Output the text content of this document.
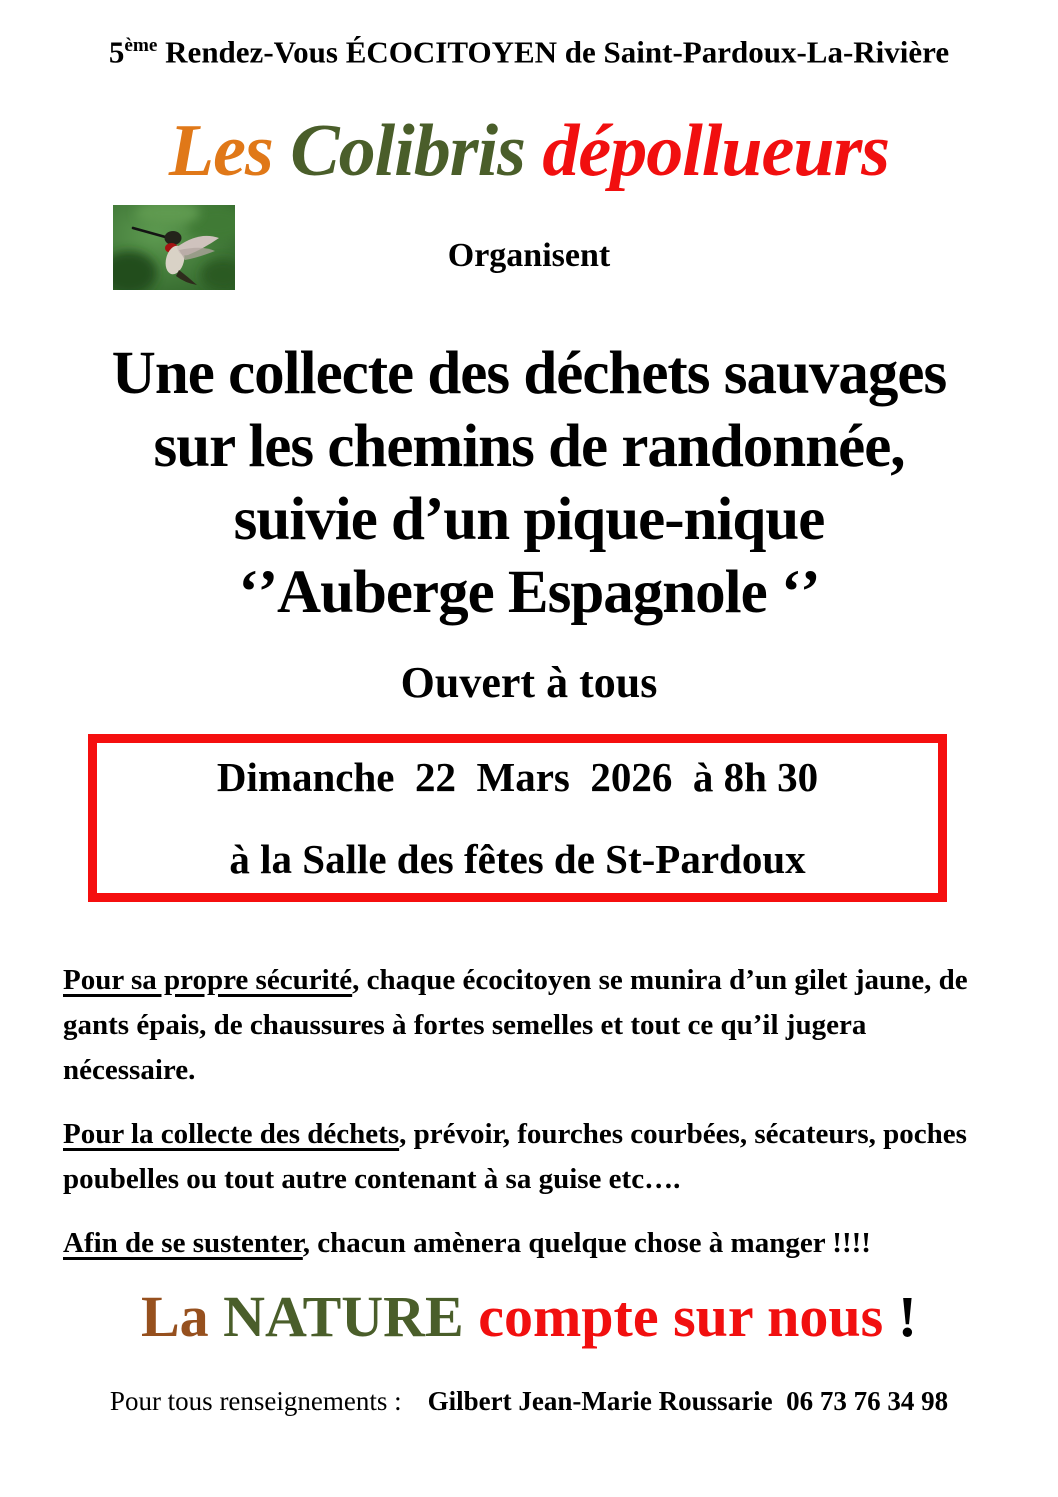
5ème Rendez-Vous ÉCOCITOYEN de Saint-Pardoux-La-Rivière
Les Colibris dépollueurs
Organisent
Une collecte des déchets sauvages
sur les chemins de randonnée,
suivie d’un pique-nique
‘’Auberge Espagnole ‘’
Ouvert à tous
Dimanche  22  Mars  2026  à 8h 30
à la Salle des fêtes de St-Pardoux

Pour sa propre sécurité, chaque écocitoyen se munira d’un gilet jaune, de gants épais, de chaussures à fortes semelles et tout ce qu’il jugera nécessaire.

Pour la collecte des déchets, prévoir, fourches courbées, sécateurs, poches poubelles ou tout autre contenant à sa guise etc….

Afin de se sustenter, chacun amènera quelque chose à manger !!!!

La NATURE compte sur nous !
Pour tous renseignements : Gilbert Jean-Marie Roussarie  06 73 76 34 98
